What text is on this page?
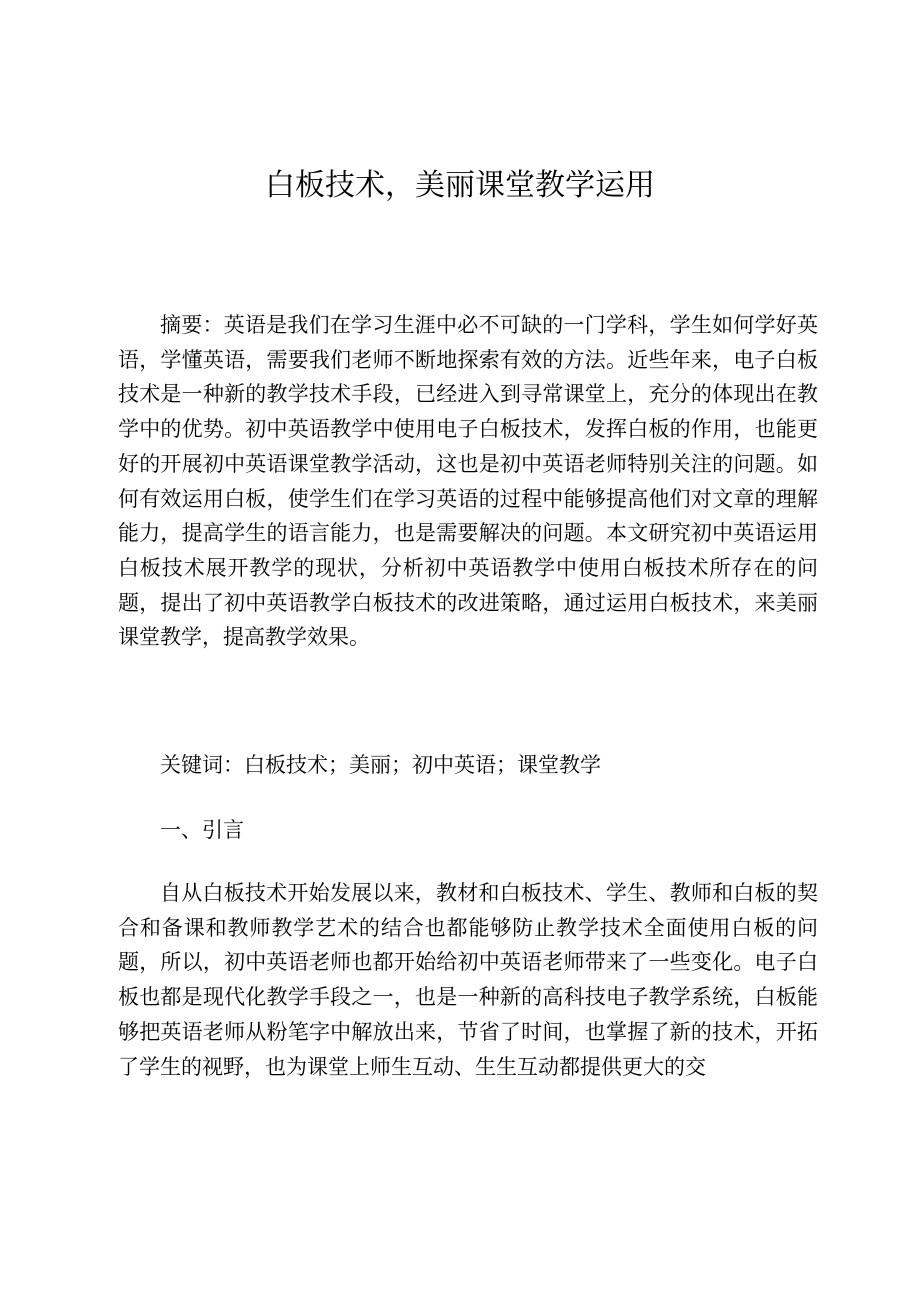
白板技术，美丽课堂教学运用

摘要：英语是我们在学习生涯中必不可缺的一门学科，学生如何学好英语，学懂英语，需要我们老师不断地探索有效的方法。近些年来，电子白板技术是一种新的教学技术手段，已经进入到寻常课堂上，充分的体现出在教学中的优势。初中英语教学中使用电子白板技术，发挥白板的作用，也能更好的开展初中英语课堂教学活动，这也是初中英语老师特别关注的问题。如何有效运用白板，使学生们在学习英语的过程中能够提高他们对文章的理解能力，提高学生的语言能力，也是需要解决的问题。本文研究初中英语运用白板技术展开教学的现状，分析初中英语教学中使用白板技术所存在的问题，提出了初中英语教学白板技术的改进策略，通过运用白板技术，来美丽课堂教学，提高教学效果。

关键词：白板技术；美丽；初中英语；课堂教学

一、引言

自从白板技术开始发展以来，教材和白板技术、学生、教师和白板的契合和备课和教师教学艺术的结合也都能够防止教学技术全面使用白板的问题，所以，初中英语老师也都开始给初中英语老师带来了一些变化。电子白板也都是现代化教学手段之一，也是一种新的高科技电子教学系统，白板能够把英语老师从粉笔字中解放出来，节省了时间，也掌握了新的技术，开拓了学生的视野，也为课堂上师生互动、生生互动都提供更大的交
